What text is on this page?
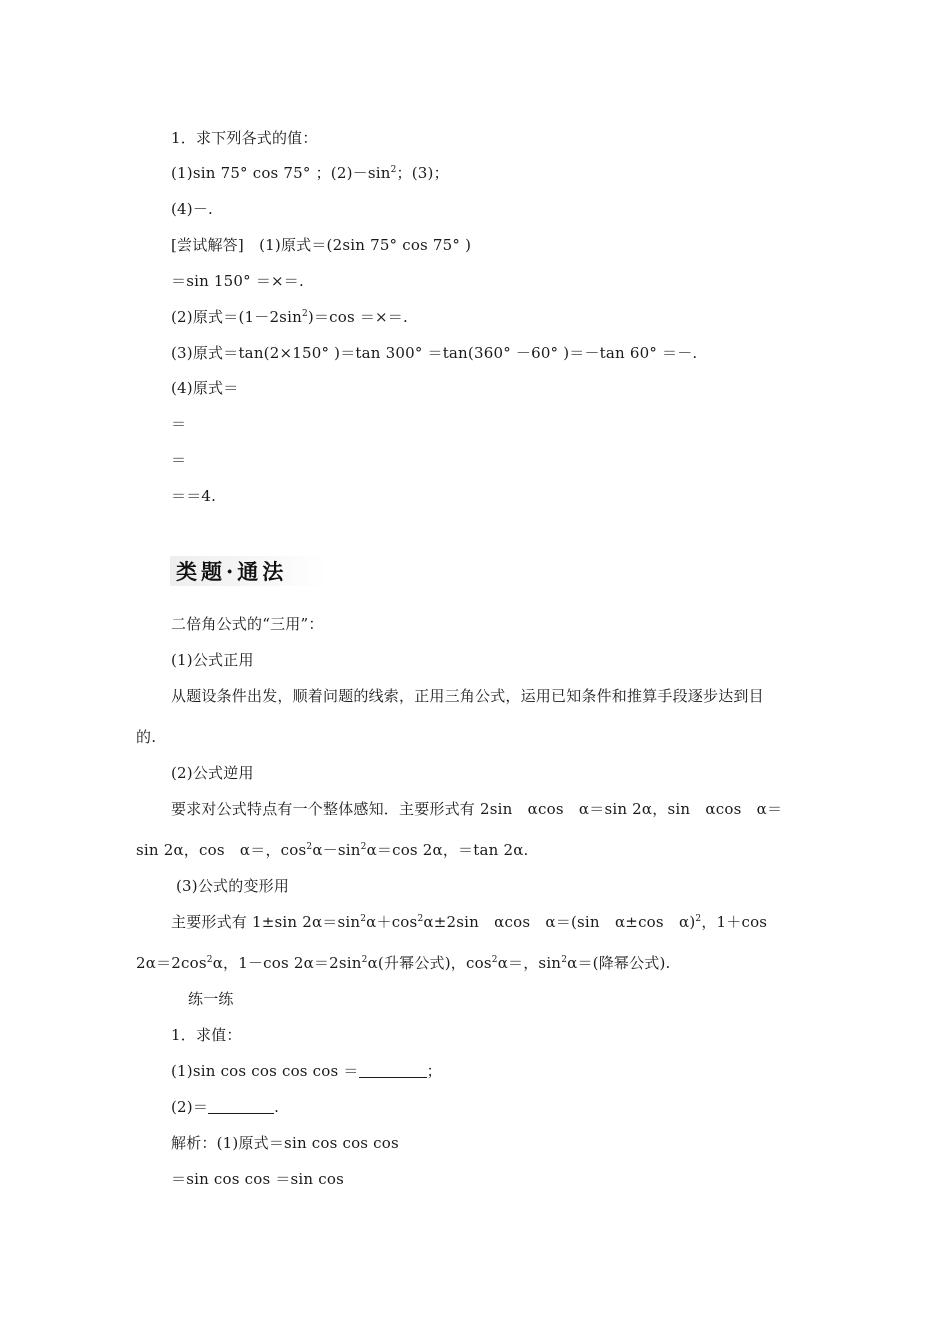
1．求下列各式的值：
(1)sin 75° cos 75° ；$(2)-\sin^2$；(3)；
(4)－.
[尝试解答]　(1)原式＝(2sin 75° cos 75° )
＝sin 150° ＝×＝.
(2)原式$=(1-2\sin^2)=\cos$ ＝×＝.
(3)原式＝tan(2×150° )＝tan 300° ＝tan(360° －60° )＝－tan 60° ＝－.
(4)原式＝
＝
＝
＝＝4.
类题·通法
二倍角公式的“三用”：
(1)公式正用
从题设条件出发，顺着问题的线索，正用三角公式，运用已知条件和推算手段逐步达到目
的.
(2)公式逆用
要求对公式特点有一个整体感知．主要形式有 2sin　αcos　α＝sin 2α，sin　αcos　α＝
sin 2α，cos　α＝，$\cos^2\alpha-\sin^2\alpha=\cos$ 2α，＝tan 2α.
(3)公式的变形用
主要形式有 1±sin $2\alpha=\sin^2\alpha+\cos^2\alpha\pm 2\sin$　αcos　α＝(sin　α±cos　α)$^2$，1＋cos
$2\alpha=2\cos^2\alpha$，1－cos $2\alpha=2\sin^2\alpha$(升幂公式)，$\cos^2\alpha=$，$\sin^2\alpha=$(降幂公式).
练一练
1．求值：
(1)sin cos cos cos cos ＝	；
(2)＝	.
解析：(1)原式＝sin cos cos cos
＝sin cos cos ＝sin cos
